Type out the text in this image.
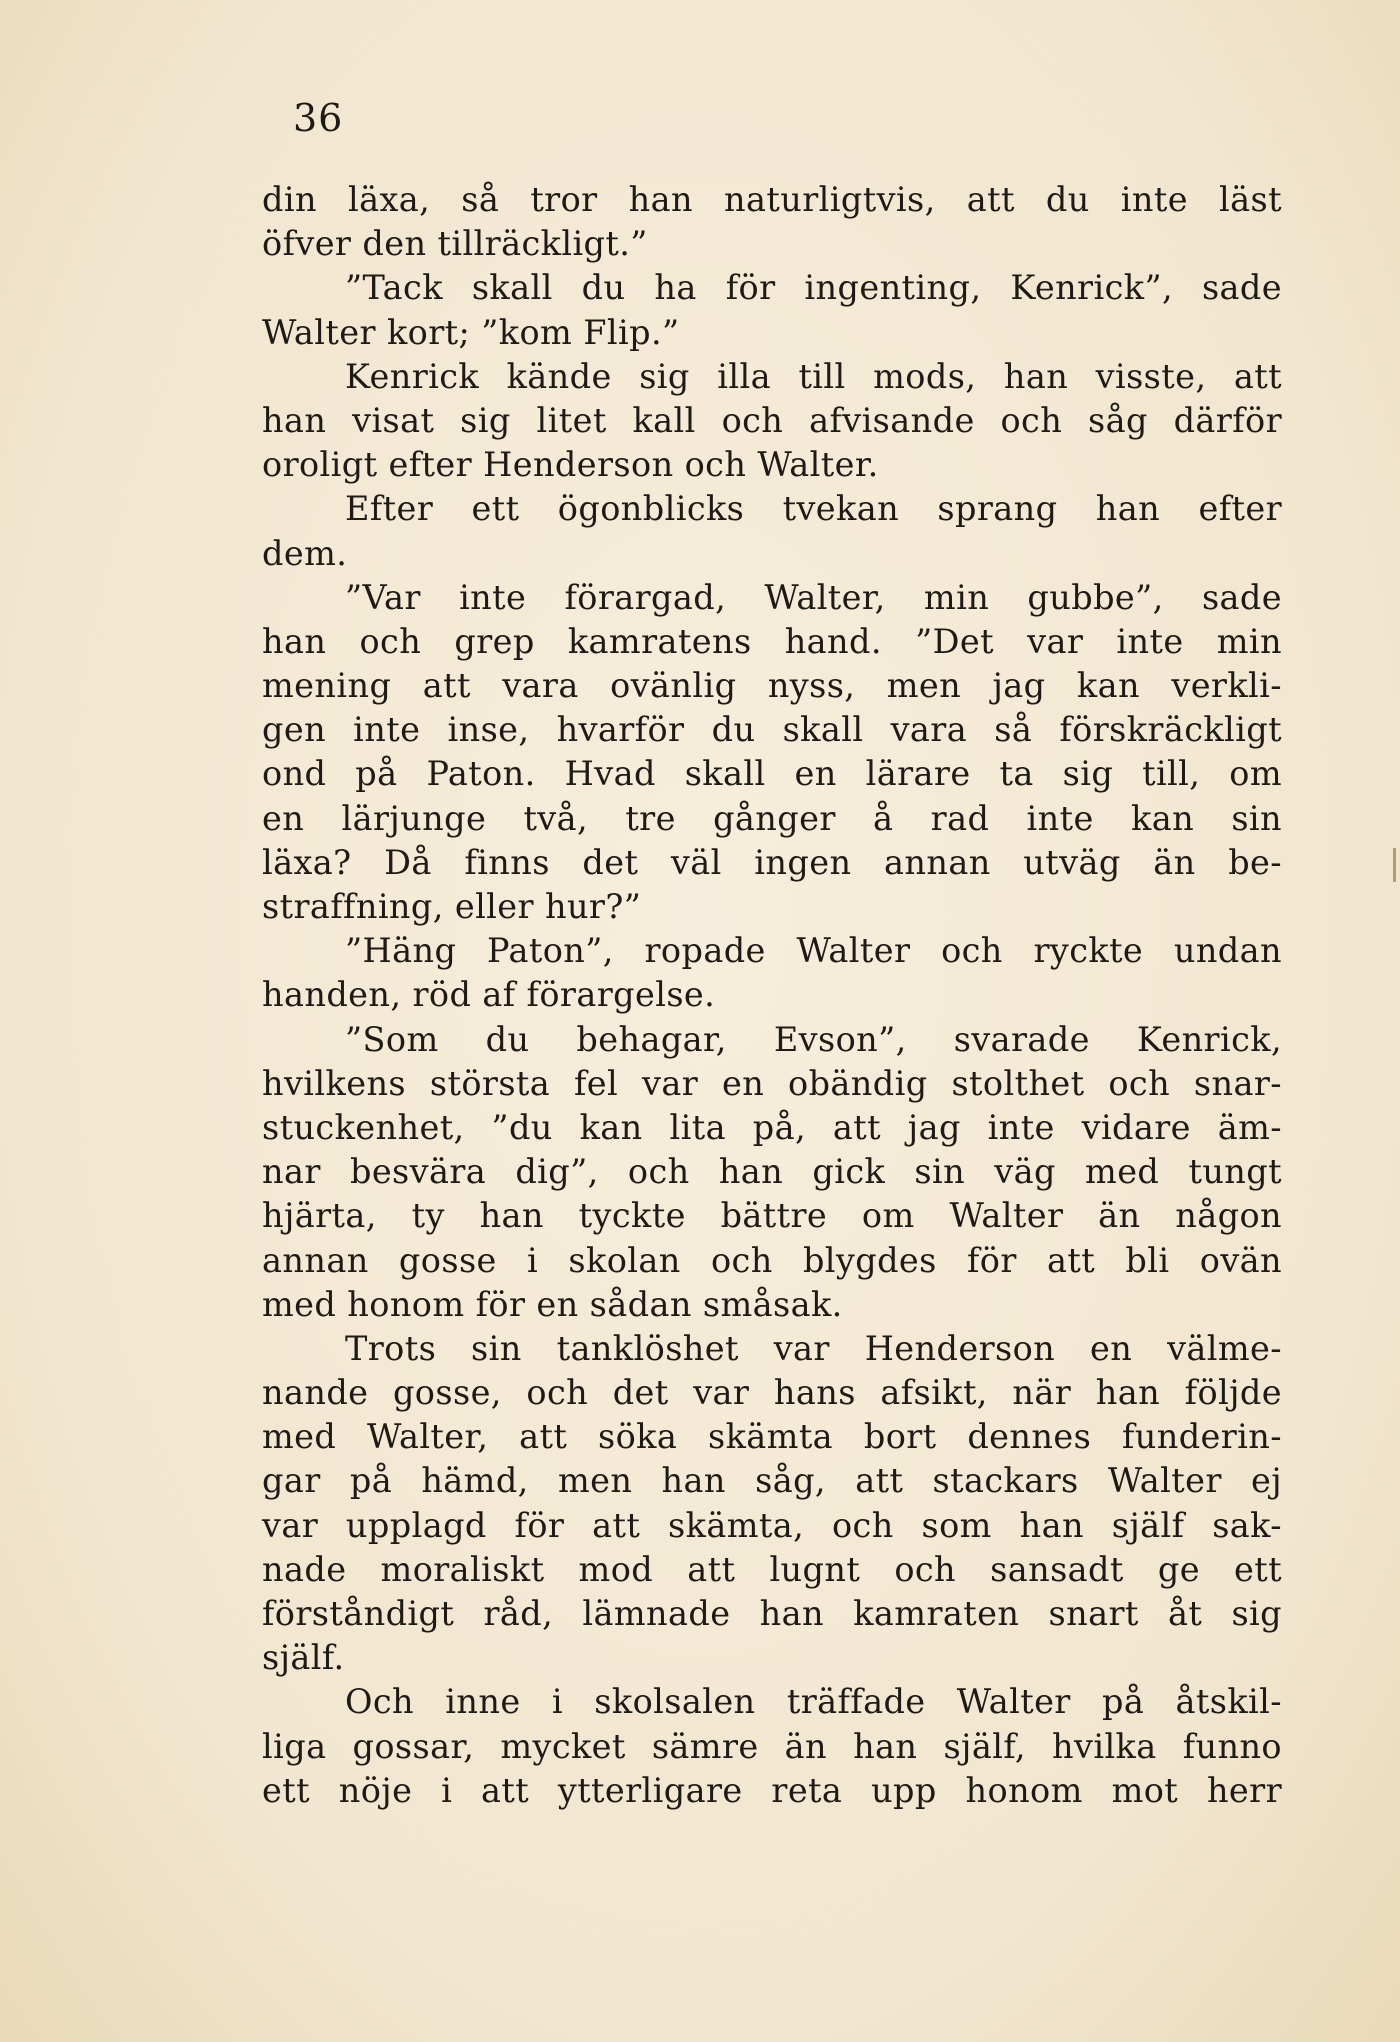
36
din läxa, så tror han naturligtvis, att du inte läst
öfver den tillräckligt.”
”Tack skall du ha för ingenting, Kenrick”, sade
Walter kort; ”kom Flip.”
Kenrick kände sig illa till mods, han visste, att
han visat sig litet kall och afvisande och såg därför
oroligt efter Henderson och Walter.
Efter ett ögonblicks tvekan sprang han efter
dem.
”Var inte förargad, Walter, min gubbe”, sade
han och grep kamratens hand. ”Det var inte min
mening att vara ovänlig nyss, men jag kan verkli-
gen inte inse, hvarför du skall vara så förskräckligt
ond på Paton. Hvad skall en lärare ta sig till, om
en lärjunge två, tre gånger å rad inte kan sin
läxa? Då finns det väl ingen annan utväg än be-
straffning, eller hur?”
”Häng Paton”, ropade Walter och ryckte undan
handen, röd af förargelse.
”Som du behagar, Evson”, svarade Kenrick,
hvilkens största fel var en obändig stolthet och snar-
stuckenhet, ”du kan lita på, att jag inte vidare äm-
nar besvära dig”, och han gick sin väg med tungt
hjärta, ty han tyckte bättre om Walter än någon
annan gosse i skolan och blygdes för att bli ovän
med honom för en sådan småsak.
Trots sin tanklöshet var Henderson en välme-
nande gosse, och det var hans afsikt, när han följde
med Walter, att söka skämta bort dennes funderin-
gar på hämd, men han såg, att stackars Walter ej
var upplagd för att skämta, och som han själf sak-
nade moraliskt mod att lugnt och sansadt ge ett
förståndigt råd, lämnade han kamraten snart åt sig
själf.
Och inne i skolsalen träffade Walter på åtskil-
liga gossar, mycket sämre än han själf, hvilka funno
ett nöje i att ytterligare reta upp honom mot herr
